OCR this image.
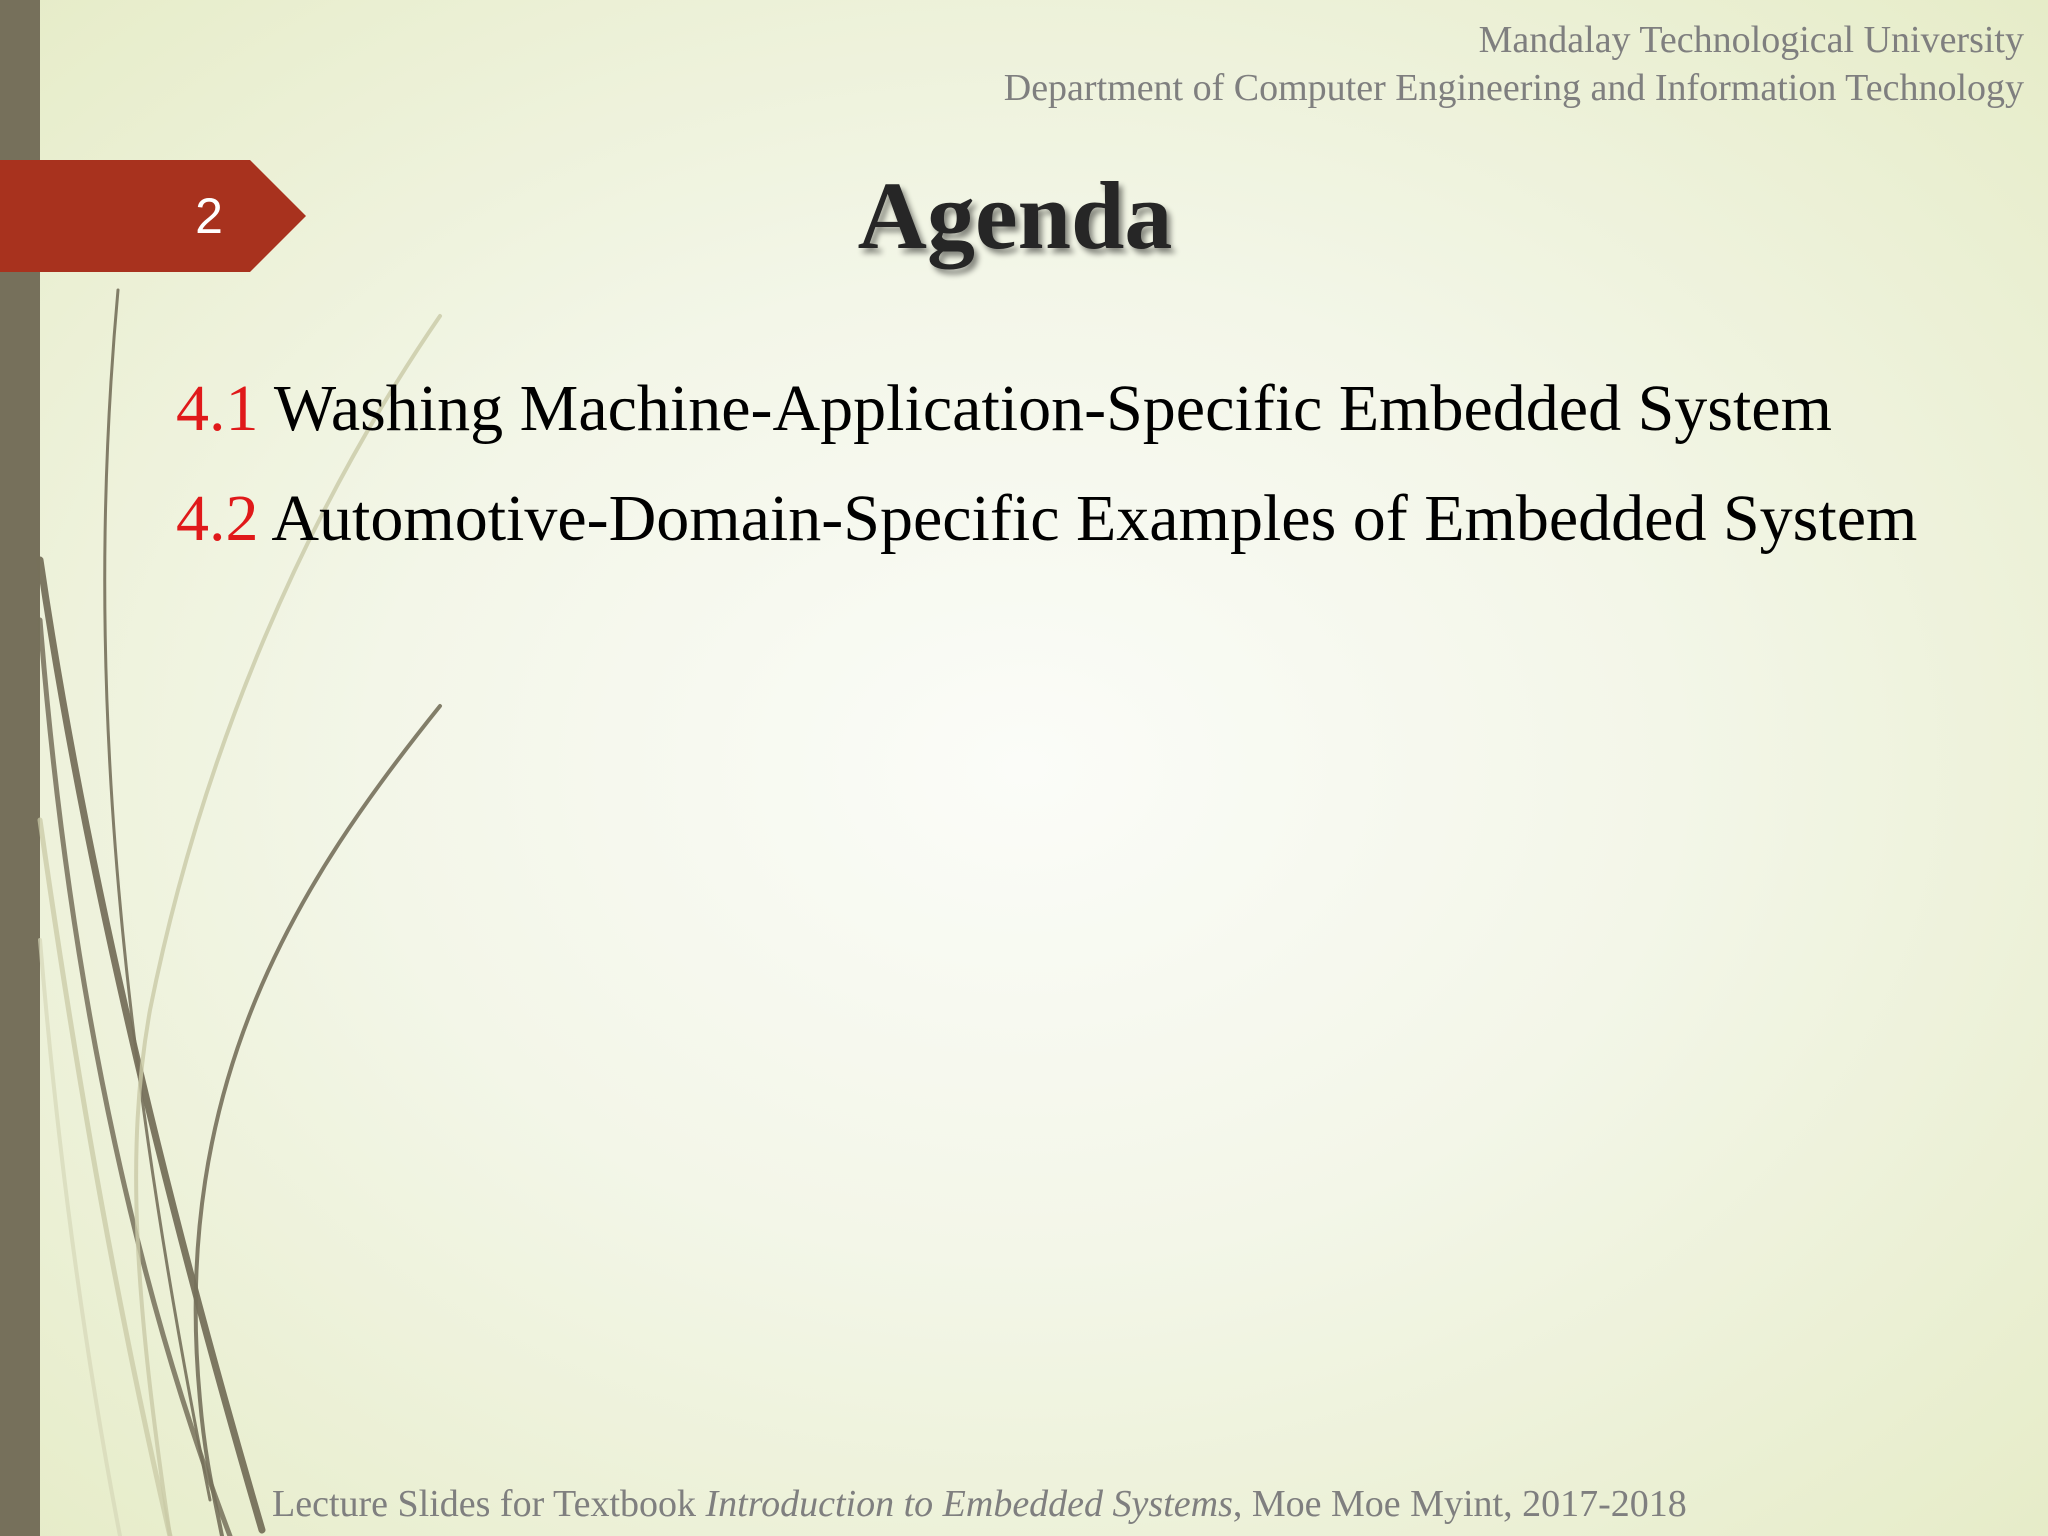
2
Mandalay Technological University
Department of Computer Engineering and Information Technology
Agenda
4.1 Washing Machine-Application-Specific Embedded System
4.2 Automotive-Domain-Specific Examples of Embedded System
Lecture Slides for Textbook Introduction to Embedded Systems, Moe Moe Myint, 2017-2018
